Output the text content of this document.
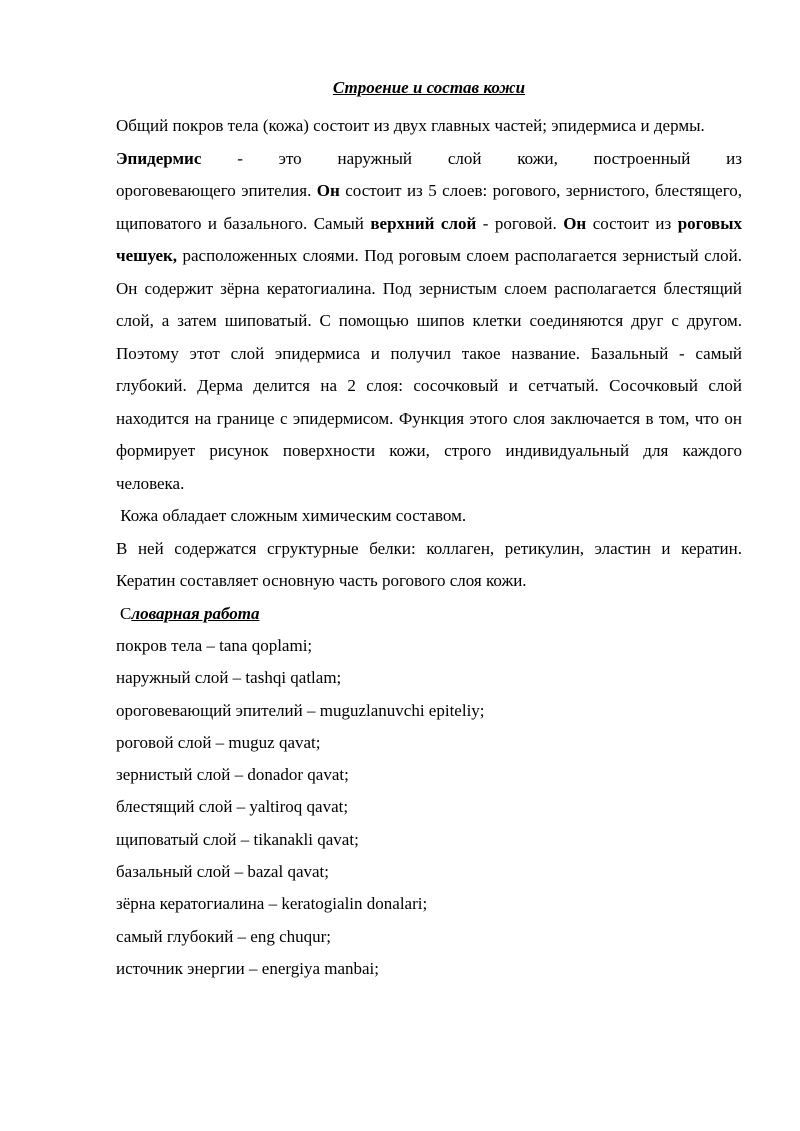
Строение и состав кожи

Общий покров тела (кожа) состоит из двух главных частей; эпидермиса и дермы.

Эпидермис - это наружный слой кожи, построенный из

ороговевающего эпителия. Он состоит из 5 слоев: рогового, зернистого, блестящего, щиповатого и базального. Самый верхний слой - роговой. Он состоит из роговых чешуек, расположенных слоями. Под роговым слоем располагается зернистый слой. Он содержит зёрна кератогиалина. Под зернистым слоем располагается блестящий слой, а затем шиповатый. С помощью шипов клетки соединяются друг с другом. Поэтому этот слой эпидермиса и получил такое название. Базальный - самый глубокий. Дерма делится на 2 слоя: сосочковый и сетчатый. Сосочковый слой находится на границе с эпидермисом. Функция этого слоя заключается в том, что он формирует рисунок поверхности кожи, строго индивидуальный для каждого человека.

Кожа обладает сложным химическим составом.

В ней содержатся сгруктурные белки: коллаген, ретикулин, эластин и кератин. Кератин составляет основную часть рогового слоя кожи.

Словарная работа
покров тела – tana qoplami;
наружный слой – tashqi qatlam;
ороговевающий эпителий – muguzlanuvchi epiteliy;
роговой слой – muguz qavat;
зернистый слой – donador qavat;
блестящий слой – yaltiroq qavat;
щиповатый слой – tikanakli qavat;
базальный слой – bazal qavat;
зёрна кератогиалина – keratogialin donalari;
самый глубокий – eng chuqur;
источник энергии – energiya manbai;
